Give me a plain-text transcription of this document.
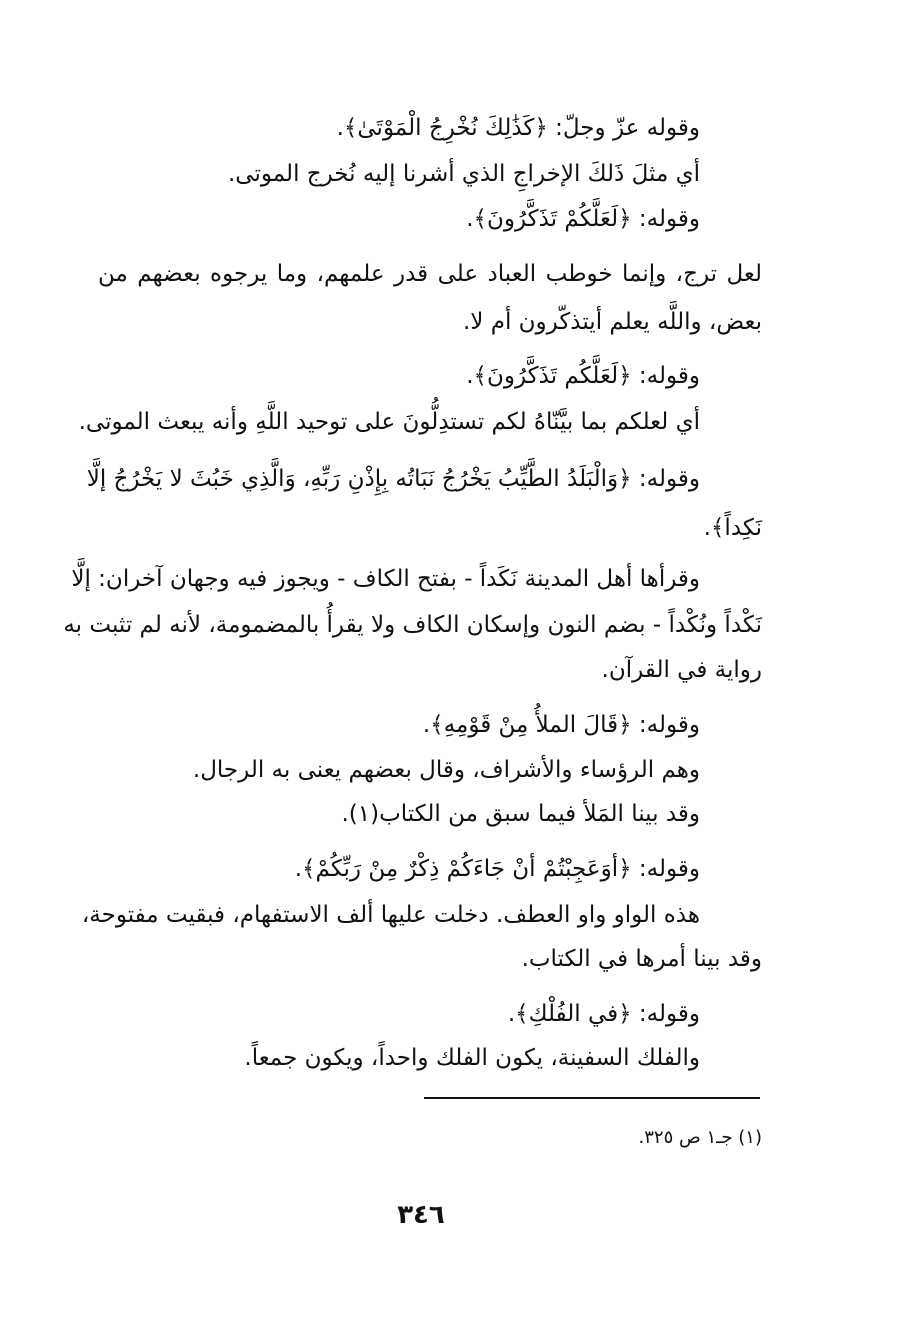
وقوله عزّ وجلّ: ﴿كَذَٰلِكَ نُخْرِجُ الْمَوْتَىٰ﴾.
أي مثلَ ذَلكَ الإخراجِ الذي أشرنا إليه نُخرج الموتى.
وقوله: ﴿لَعَلَّكُمْ تَذَكَّرُونَ﴾.
لعل ترج، وإنما خوطب العباد على قدر علمهم، وما يرجوه بعضهم من
بعض، واللَّه يعلم أيتذكّرون أم لا.
وقوله: ﴿لَعَلَّكُم تَذَكَّرُونَ﴾.
أي لعلكم بما بيَّنّاهُ لكم تستدِلُّونَ على توحيد اللَّهِ وأنه يبعث الموتى.
وقوله: ﴿وَالْبَلَدُ الطَّيِّبُ يَخْرُجُ نَبَاتُه بِإِذْنِ رَبِّهِ، وَالَّذِي خَبُثَ لا يَخْرُجُ إلَّا
نَكِداً﴾.
وقرأها أهل المدينة نَكَداً - بفتح الكاف - ويجوز فيه وجهان آخران: إلَّا
نَكْداً ونُكْداً - بضم النون وإسكان الكاف ولا يقرأُ بالمضمومة، لأنه لم تثبت به
رواية في القرآن.
وقوله: ﴿قَالَ الملأُ مِنْ قَوْمِهِ﴾.
وهم الرؤساء والأشراف، وقال بعضهم يعنى به الرجال.
وقد بينا المَلأ فيما سبق من الكتاب(١).
وقوله: ﴿أوَعَجِبْتُمْ أنْ جَاءَكُمْ ذِكْرٌ مِنْ رَبِّكُمْ﴾.
هذه الواو واو العطف. دخلت عليها ألف الاستفهام، فبقيت مفتوحة،
وقد بينا أمرها في الكتاب.
وقوله: ﴿في الفُلْكِ﴾.
والفلك السفينة، يكون الفلك واحداً، ويكون جمعاً.
(١) جـ١ ص ٣٢٥.
٣٤٦
